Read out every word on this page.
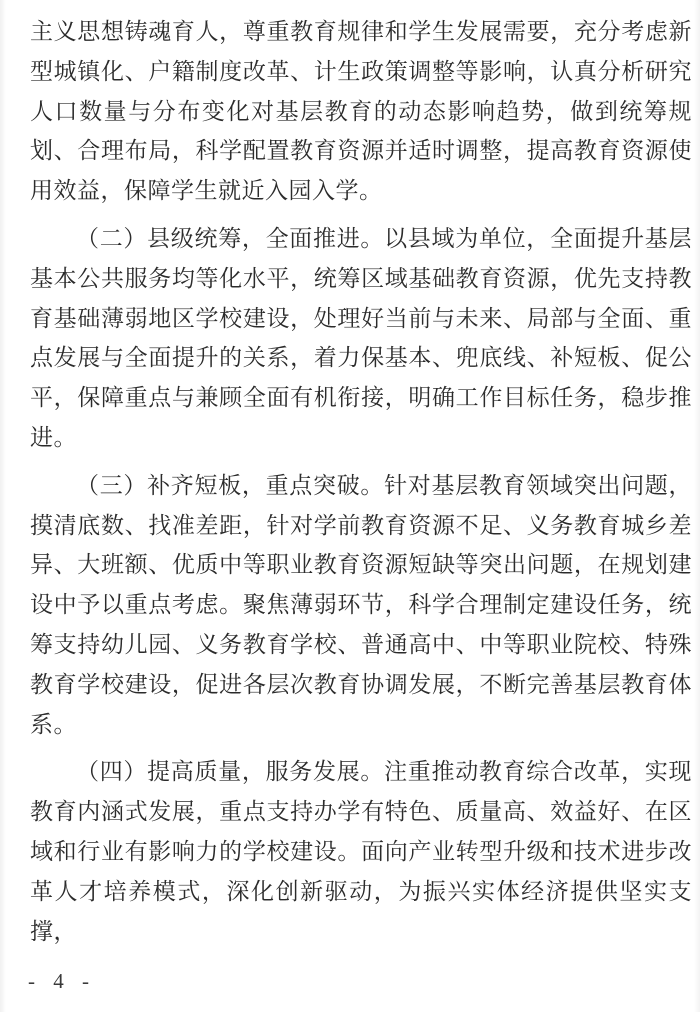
主义思想铸魂育人，尊重教育规律和学生发展需要，充分考虑新型城镇化、户籍制度改革、计生政策调整等影响，认真分析研究人口数量与分布变化对基层教育的动态影响趋势，做到统筹规划、合理布局，科学配置教育资源并适时调整，提高教育资源使用效益，保障学生就近入园入学。

（二）县级统筹，全面推进。以县域为单位，全面提升基层基本公共服务均等化水平，统筹区域基础教育资源，优先支持教育基础薄弱地区学校建设，处理好当前与未来、局部与全面、重点发展与全面提升的关系，着力保基本、兜底线、补短板、促公平，保障重点与兼顾全面有机衔接，明确工作目标任务，稳步推进。

（三）补齐短板，重点突破。针对基层教育领域突出问题，摸清底数、找准差距，针对学前教育资源不足、义务教育城乡差异、大班额、优质中等职业教育资源短缺等突出问题，在规划建设中予以重点考虑。聚焦薄弱环节，科学合理制定建设任务，统筹支持幼儿园、义务教育学校、普通高中、中等职业院校、特殊教育学校建设，促进各层次教育协调发展，不断完善基层教育体系。

（四）提高质量，服务发展。注重推动教育综合改革，实现教育内涵式发展，重点支持办学有特色、质量高、效益好、在区域和行业有影响力的学校建设。面向产业转型升级和技术进步改革人才培养模式，深化创新驱动，为振兴实体经济提供坚实支撑，

- 4 -
